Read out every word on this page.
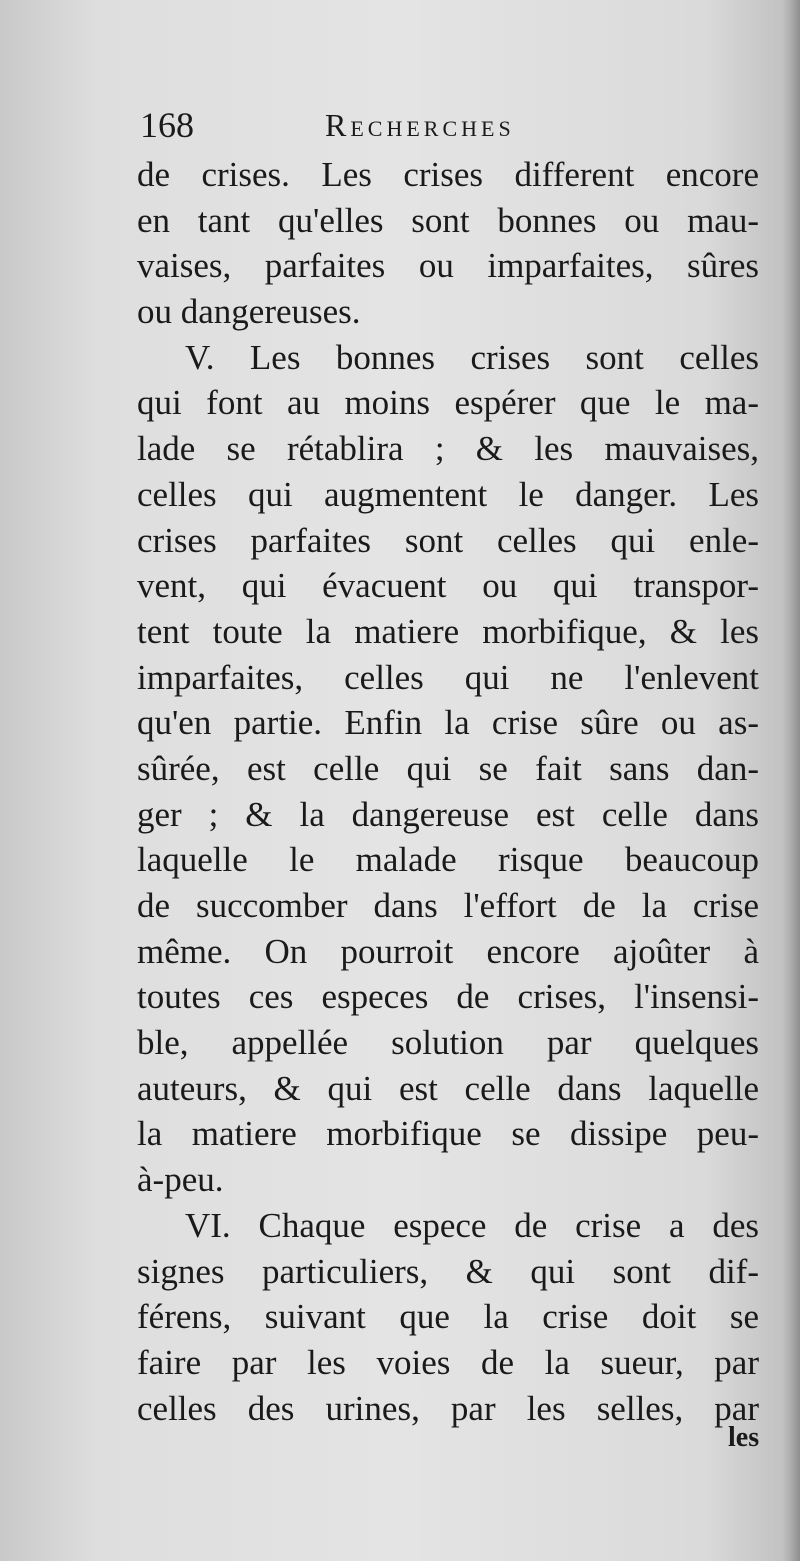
168	Recherches
de crises. Les crises different encore
en tant qu'elles sont bonnes ou mau-
vaises, parfaites ou imparfaites, sûres
ou dangereuses.
V. Les bonnes crises sont celles
qui font au moins espérer que le ma-
lade se rétablira ; & les mauvaises,
celles qui augmentent le danger. Les
crises parfaites sont celles qui enle-
vent, qui évacuent ou qui transpor-
tent toute la matiere morbifique, & les
imparfaites, celles qui ne l'enlevent
qu'en partie. Enfin la crise sûre ou as-
sûrée, est celle qui se fait sans dan-
ger ; & la dangereuse est celle dans
laquelle le malade risque beaucoup
de succomber dans l'effort de la crise
même. On pourroit encore ajoûter à
toutes ces especes de crises, l'insensi-
ble, appellée solution par quelques
auteurs, & qui est celle dans laquelle
la matiere morbifique se dissipe peu-
à-peu.
VI. Chaque espece de crise a des
signes particuliers, & qui sont dif-
férens, suivant que la crise doit se
faire par les voies de la sueur, par
celles des urines, par les selles, par
les
